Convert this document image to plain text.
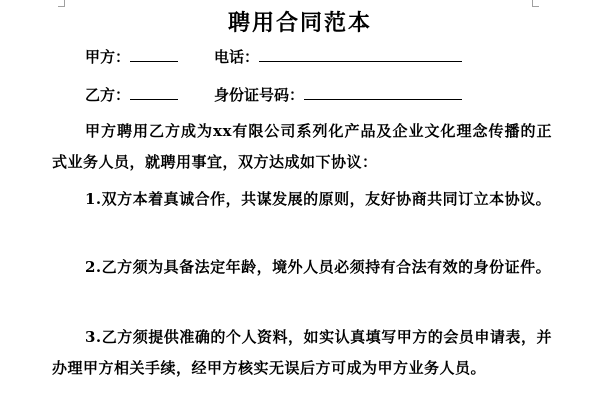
聘用合同范本
甲方：	电话：
乙方：	身份证号码：
甲方聘用乙方成为xx有限公司系列化产品及企业文化理念传播的正式业务人员，就聘用事宜，双方达成如下协议：
1.双方本着真诚合作，共谋发展的原则，友好协商共同订立本协议。
2.乙方须为具备法定年龄，境外人员必须持有合法有效的身份证件。
3.乙方须提供准确的个人资料，如实认真填写甲方的会员申请表，并办理甲方相关手续，经甲方核实无误后方可成为甲方业务人员。
